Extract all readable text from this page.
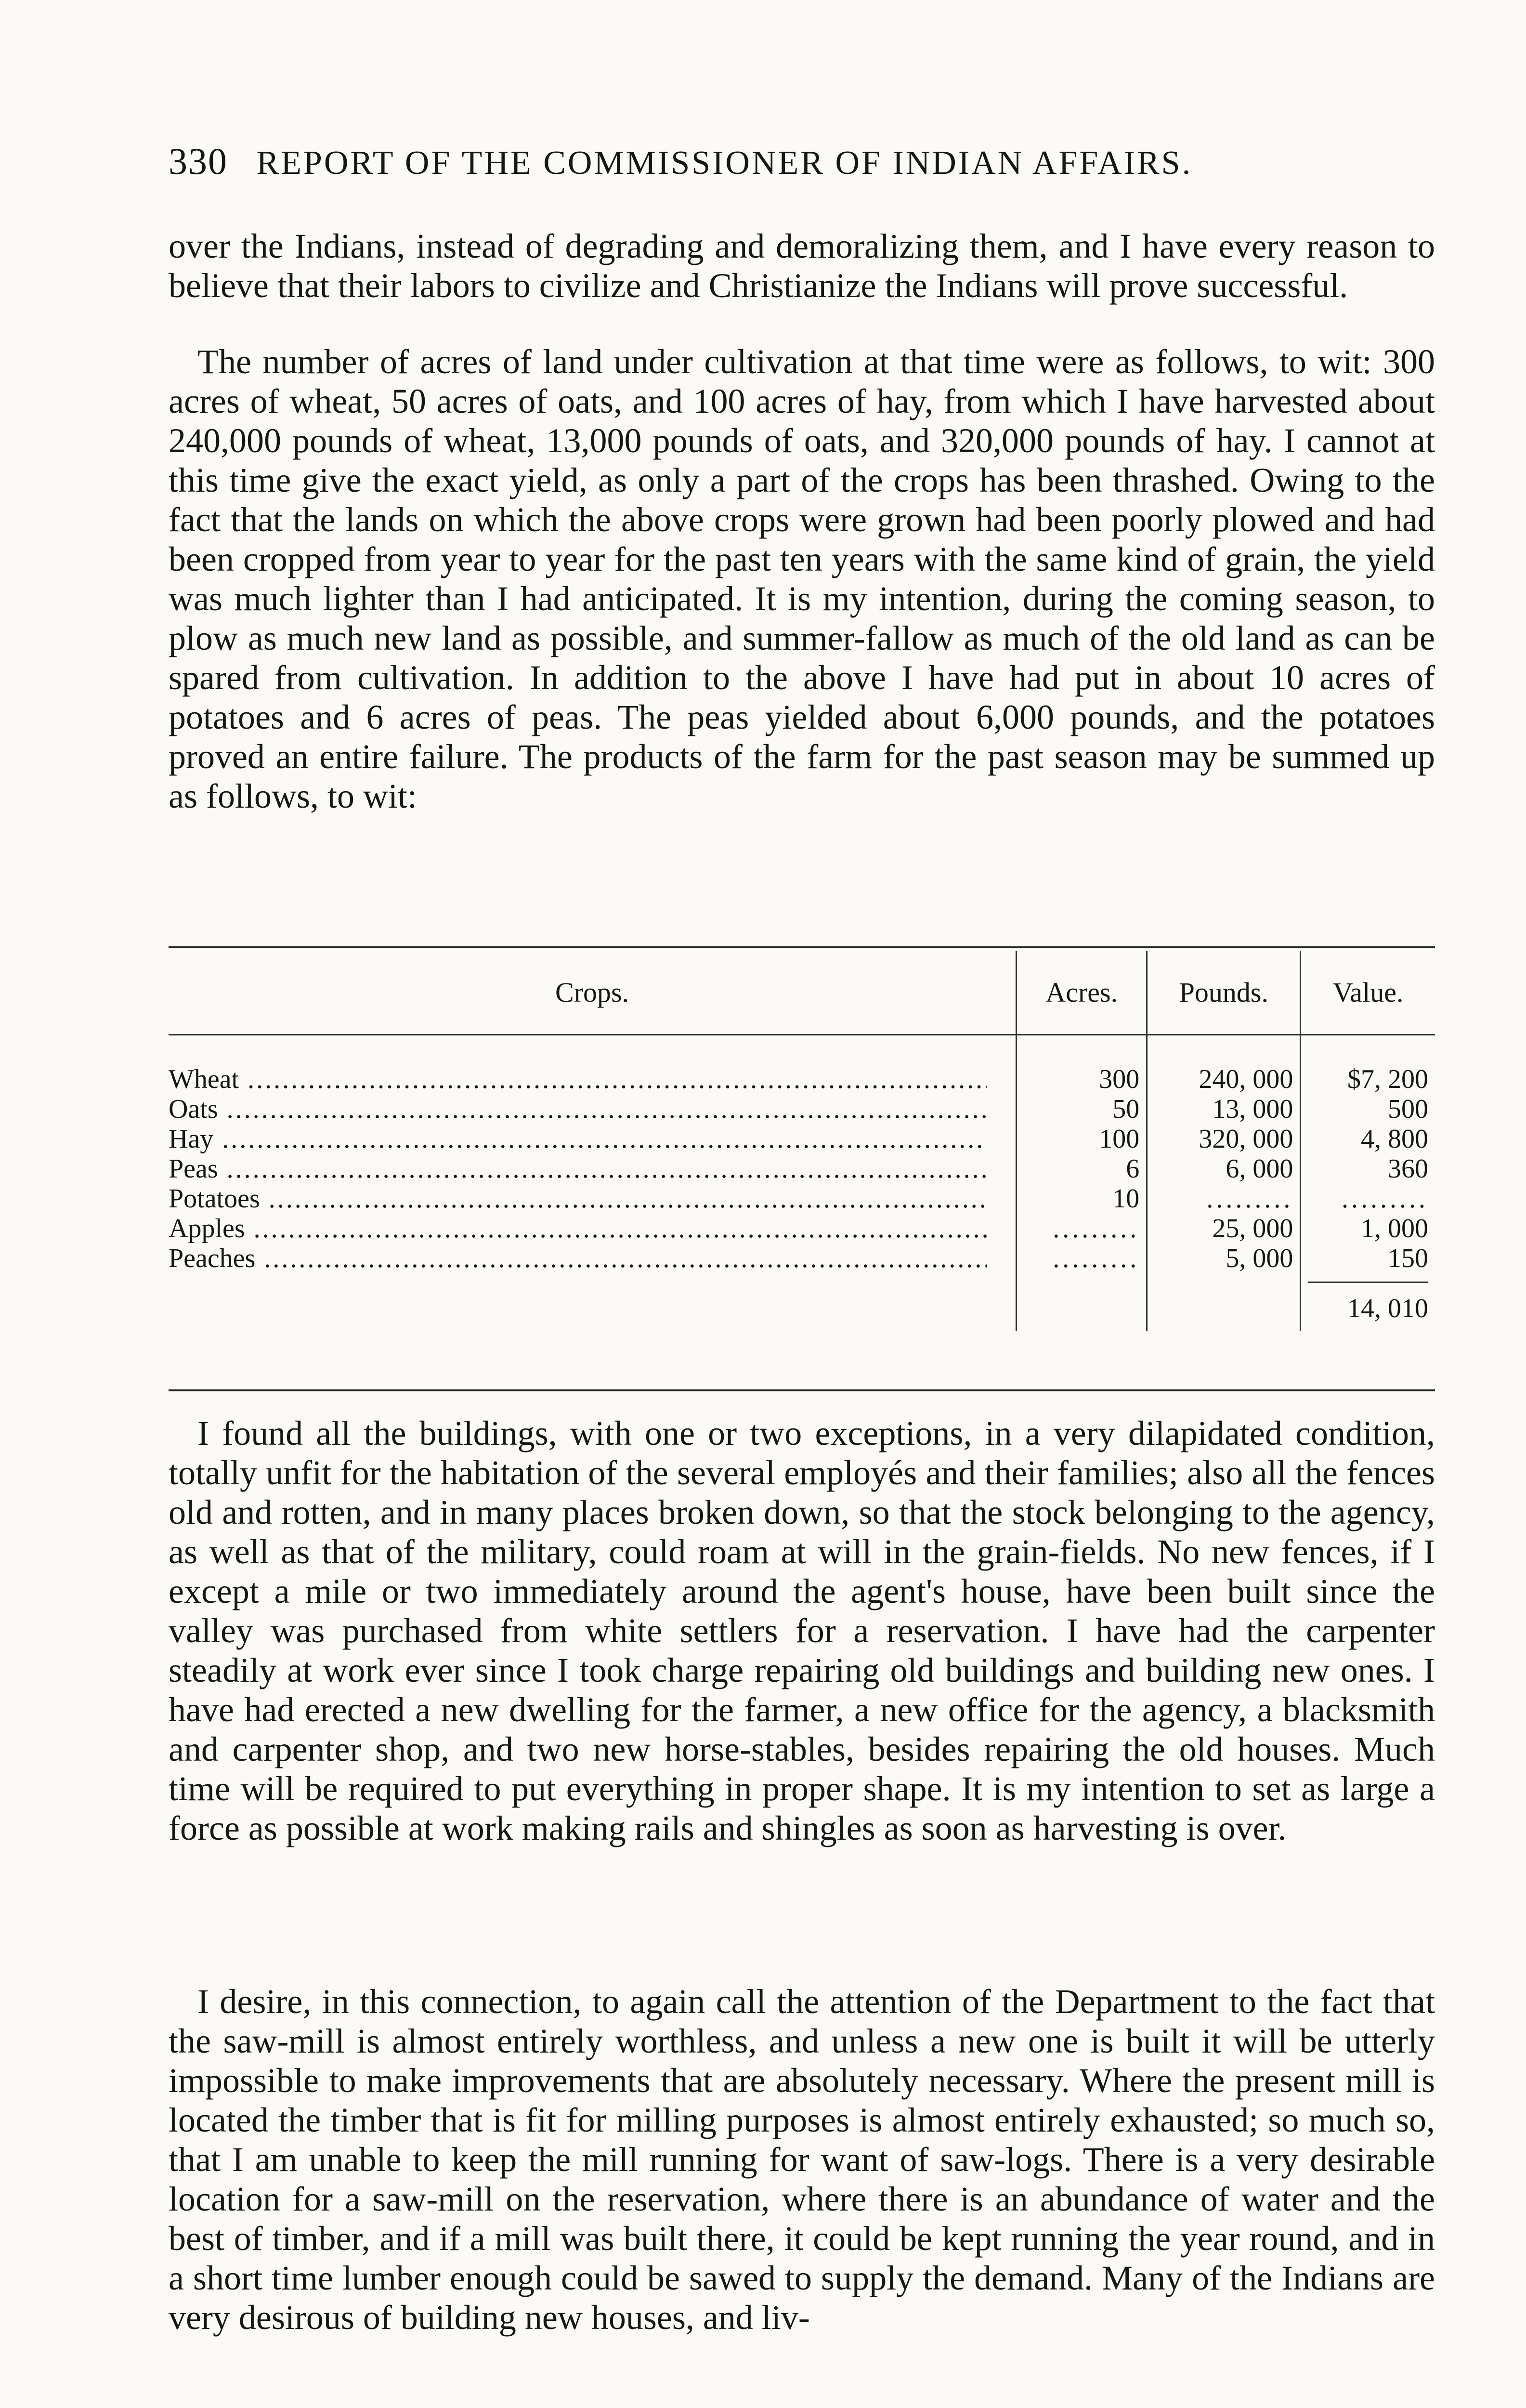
330 REPORT OF THE COMMISSIONER OF INDIAN AFFAIRS.

over the Indians, instead of degrading and demoralizing them, and I have every reason to believe that their labors to civilize and Christianize the Indians will prove successful.

The number of acres of land under cultivation at that time were as follows, to wit: 300 acres of wheat, 50 acres of oats, and 100 acres of hay, from which I have harvested about 240,000 pounds of wheat, 13,000 pounds of oats, and 320,000 pounds of hay. I cannot at this time give the exact yield, as only a part of the crops has been thrashed. Owing to the fact that the lands on which the above crops were grown had been poorly plowed and had been cropped from year to year for the past ten years with the same kind of grain, the yield was much lighter than I had anticipated. It is my intention, during the coming season, to plow as much new land as possible, and summer-fallow as much of the old land as can be spared from cultivation. In addition to the above I have had put in about 10 acres of potatoes and 6 acres of peas. The peas yielded about 6,000 pounds, and the potatoes proved an entire failure. The products of the farm for the past season may be summed up as follows, to wit:

Crops.	Acres.	Pounds.	Value.

Wheat .....	300	240, 000	$7, 200

Oats .....	50	13, 000	500

Hay .....	100	320, 000	4, 800

Peas .....	6	6, 000	360

Potatoes .....	10	.........	.........

Apples .....	.........	25, 000	1, 000

Peaches .....	.........	5, 000	150

			14, 010

I found all the buildings, with one or two exceptions, in a very dilapidated condition, totally unfit for the habitation of the several employés and their families; also all the fences old and rotten, and in many places broken down, so that the stock belonging to the agency, as well as that of the military, could roam at will in the grain-fields. No new fences, if I except a mile or two immediately around the agent's house, have been built since the valley was purchased from white settlers for a reservation. I have had the carpenter steadily at work ever since I took charge repairing old buildings and building new ones. I have had erected a new dwelling for the farmer, a new office for the agency, a blacksmith and carpenter shop, and two new horse-stables, besides repairing the old houses. Much time will be required to put everything in proper shape. It is my intention to set as large a force as possible at work making rails and shingles as soon as harvesting is over.

I desire, in this connection, to again call the attention of the Department to the fact that the saw-mill is almost entirely worthless, and unless a new one is built it will be utterly impossible to make improvements that are absolutely necessary. Where the present mill is located the timber that is fit for milling purposes is almost entirely exhausted; so much so, that I am unable to keep the mill running for want of saw-logs. There is a very desirable location for a saw-mill on the reservation, where there is an abundance of water and the best of timber, and if a mill was built there, it could be kept running the year round, and in a short time lumber enough could be sawed to supply the demand. Many of the Indians are very desirous of building new houses, and liv-
